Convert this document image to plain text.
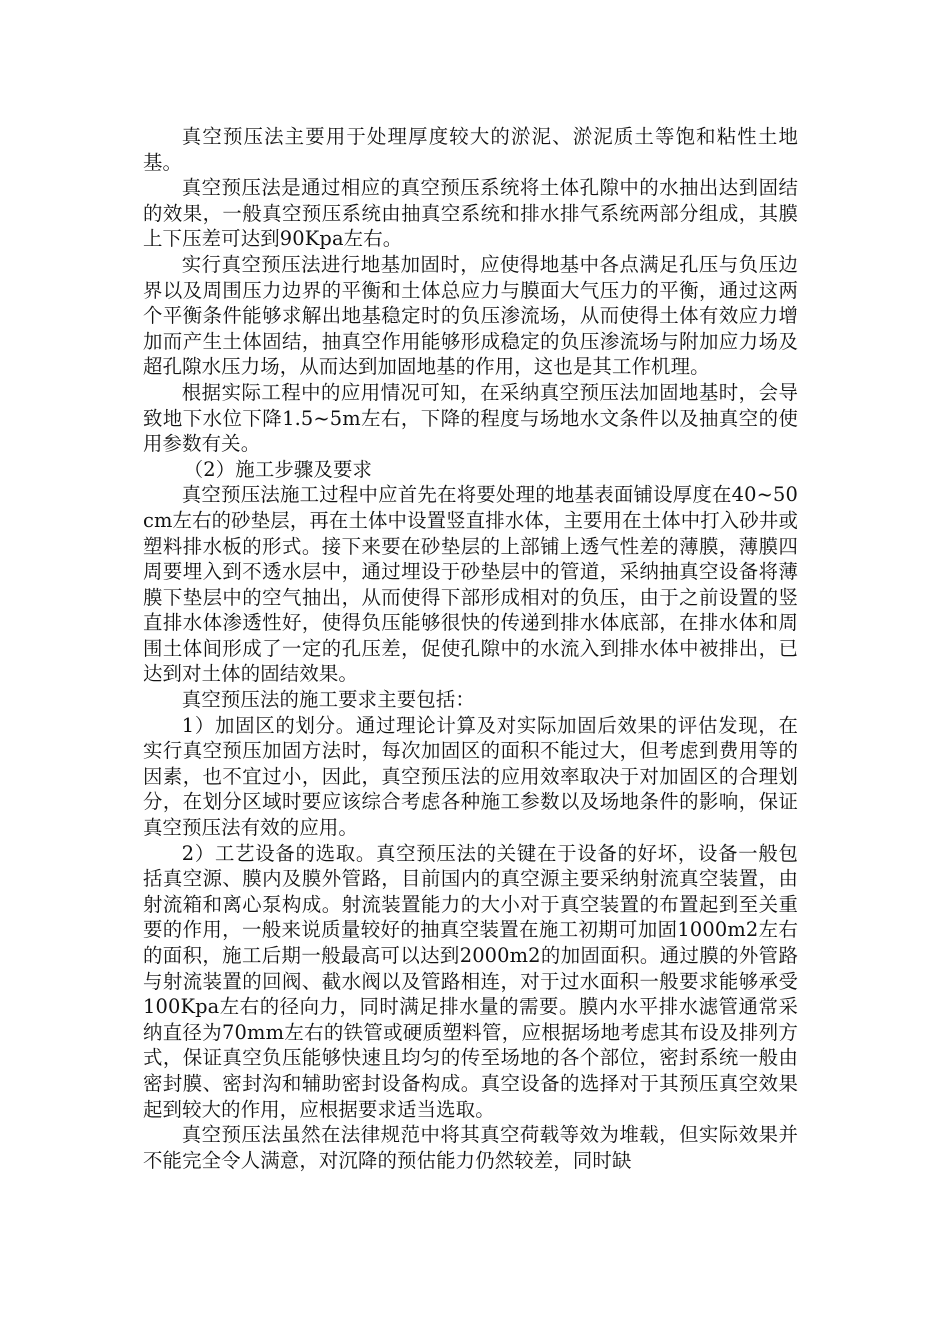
真空预压法主要用于处理厚度较大的淤泥、淤泥质土等饱和粘性土地基。

真空预压法是通过相应的真空预压系统将土体孔隙中的水抽出达到固结的效果，一般真空预压系统由抽真空系统和排水排气系统两部分组成，其膜上下压差可达到90Kpa左右。

实行真空预压法进行地基加固时，应使得地基中各点满足孔压与负压边界以及周围压力边界的平衡和土体总应力与膜面大气压力的平衡，通过这两个平衡条件能够求解出地基稳定时的负压渗流场，从而使得土体有效应力增加而产生土体固结，抽真空作用能够形成稳定的负压渗流场与附加应力场及超孔隙水压力场，从而达到加固地基的作用，这也是其工作机理。

根据实际工程中的应用情况可知，在采纳真空预压法加固地基时，会导致地下水位下降1.5~5m左右，下降的程度与场地水文条件以及抽真空的使用参数有关。

（2）施工步骤及要求

真空预压法施工过程中应首先在将要处理的地基表面铺设厚度在40~50cm左右的砂垫层，再在土体中设置竖直排水体，主要用在土体中打入砂井或塑料排水板的形式。接下来要在砂垫层的上部铺上透气性差的薄膜，薄膜四周要埋入到不透水层中，通过埋设于砂垫层中的管道，采纳抽真空设备将薄膜下垫层中的空气抽出，从而使得下部形成相对的负压，由于之前设置的竖直排水体渗透性好，使得负压能够很快的传递到排水体底部，在排水体和周围土体间形成了一定的孔压差，促使孔隙中的水流入到排水体中被排出，已达到对土体的固结效果。

真空预压法的施工要求主要包括：

1）加固区的划分。通过理论计算及对实际加固后效果的评估发现，在实行真空预压加固方法时，每次加固区的面积不能过大，但考虑到费用等的因素，也不宜过小，因此，真空预压法的应用效率取决于对加固区的合理划分，在划分区域时要应该综合考虑各种施工参数以及场地条件的影响，保证真空预压法有效的应用。

2）工艺设备的选取。真空预压法的关键在于设备的好坏，设备一般包括真空源、膜内及膜外管路，目前国内的真空源主要采纳射流真空装置，由射流箱和离心泵构成。射流装置能力的大小对于真空装置的布置起到至关重要的作用，一般来说质量较好的抽真空装置在施工初期可加固1000m2左右的面积，施工后期一般最高可以达到2000m2的加固面积。通过膜的外管路与射流装置的回阀、截水阀以及管路相连，对于过水面积一般要求能够承受100Kpa左右的径向力，同时满足排水量的需要。膜内水平排水滤管通常采纳直径为70mm左右的铁管或硬质塑料管，应根据场地考虑其布设及排列方式，保证真空负压能够快速且均匀的传至场地的各个部位，密封系统一般由密封膜、密封沟和辅助密封设备构成。真空设备的选择对于其预压真空效果起到较大的作用，应根据要求适当选取。

真空预压法虽然在法律规范中将其真空荷载等效为堆载，但实际效果并不能完全令人满意，对沉降的预估能力仍然较差，同时缺
